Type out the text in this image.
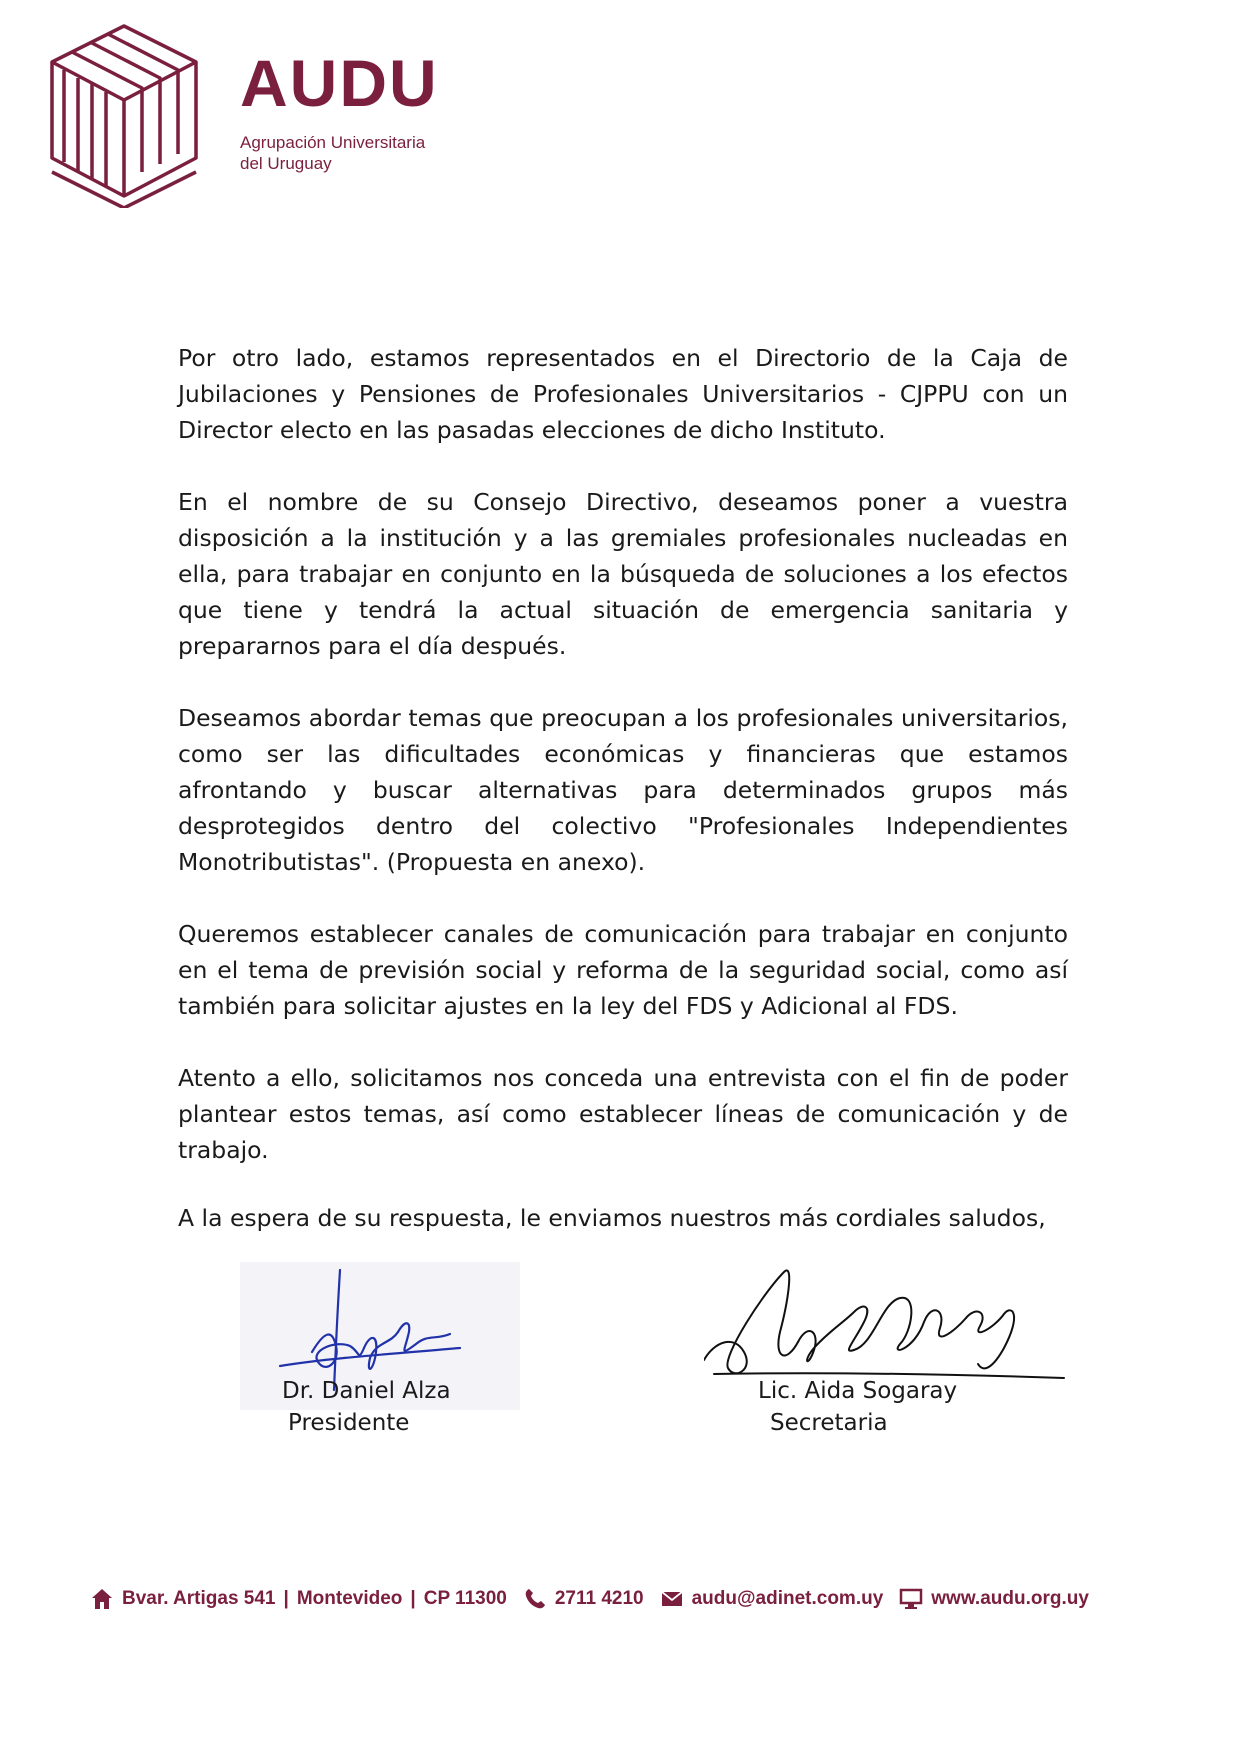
AUDU
Agrupación Universitaria
del Uruguay

Por otro lado, estamos representados en el Directorio de la Caja de Jubilaciones y Pensiones de Profesionales Universitarios - CJPPU con un Director electo en las pasadas elecciones de dicho Instituto.

En el nombre de su Consejo Directivo, deseamos poner a vuestra disposición a la institución y a las gremiales profesionales nucleadas en ella, para trabajar en conjunto en la búsqueda de soluciones a los efectos que tiene y tendrá la actual situación de emergencia sanitaria y prepararnos para el día después.

Deseamos abordar temas que preocupan a los profesionales universitarios, como ser las dificultades económicas y financieras que estamos afrontando y buscar alternativas para determinados grupos más desprotegidos dentro del colectivo "Profesionales Independientes Monotributistas". (Propuesta en anexo).

Queremos establecer canales de comunicación para trabajar en conjunto en el tema de previsión social y reforma de la seguridad social, como así también para solicitar ajustes en la ley del FDS y Adicional al FDS.

Atento a ello, solicitamos nos conceda una entrevista con el fin de poder plantear estos temas, así como establecer líneas de comunicación y de trabajo.

A la espera de su respuesta, le enviamos nuestros más cordiales saludos,
Dr. Daniel Alza
Presidente
Lic. Aida Sogaray
Secretaria
Bvar. Artigas 541 | Montevideo | CP 11300	2711 4210	audu@adinet.com.uy	www.audu.org.uy
